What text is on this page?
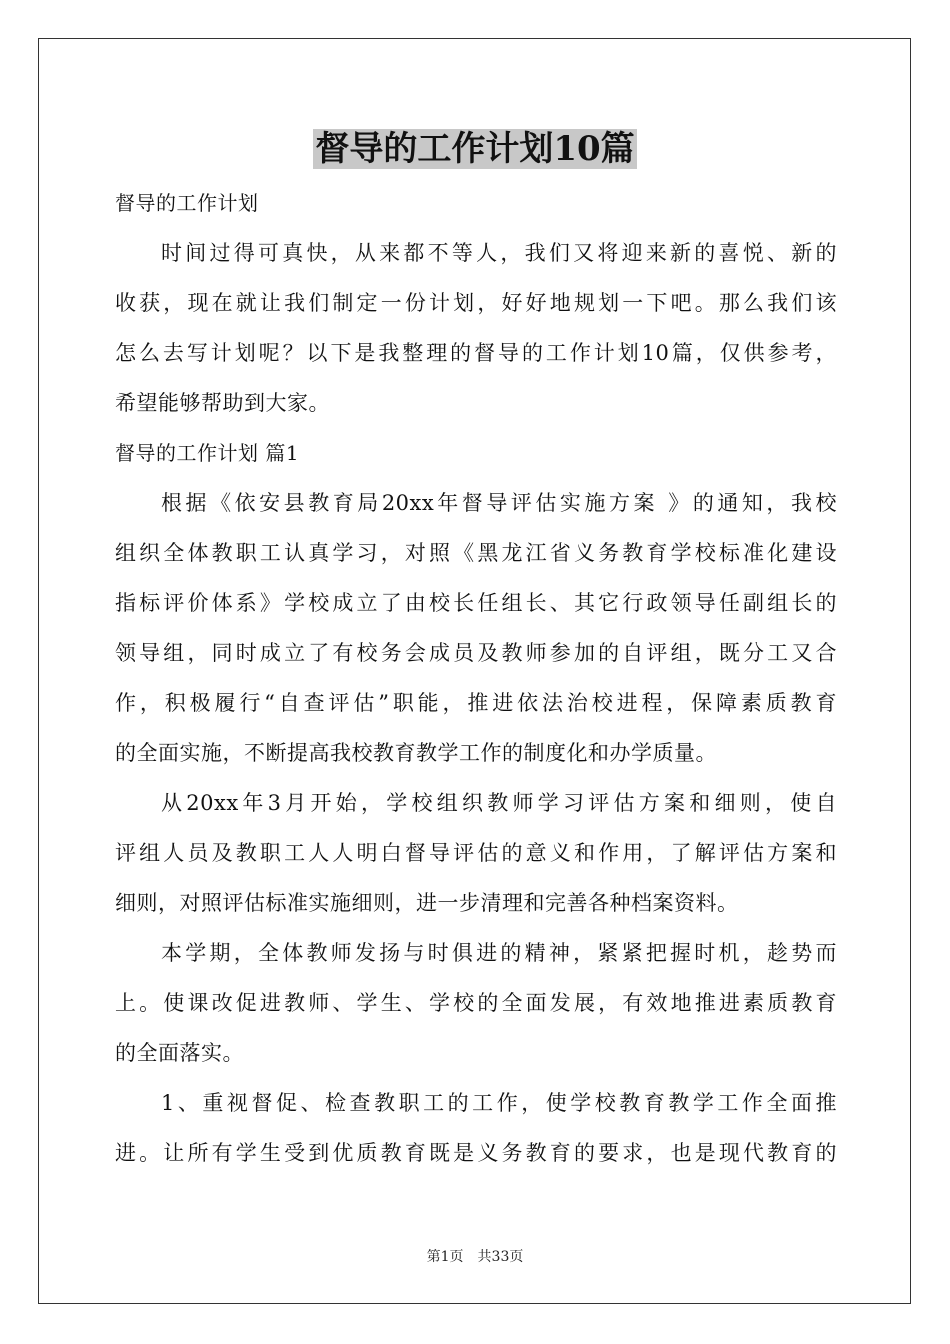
督导的工作计划10篇
督导的工作计划
时间过得可真快，从来都不等人，我们又将迎来新的喜悦、新的
收获，现在就让我们制定一份计划，好好地规划一下吧。那么我们该
怎么去写计划呢？以下是我整理的督导的工作计划10篇，仅供参考，
希望能够帮助到大家。
督导的工作计划 篇1
根据《依安县教育局20xx年督导评估实施方案 》的通知，我校
组织全体教职工认真学习，对照《黑龙江省义务教育学校标准化建设
指标评价体系》学校成立了由校长任组长、其它行政领导任副组长的
领导组，同时成立了有校务会成员及教师参加的自评组，既分工又合
作，积极履行“自查评估”职能，推进依法治校进程，保障素质教育
的全面实施，不断提高我校教育教学工作的制度化和办学质量。
从20xx年3月开始，学校组织教师学习评估方案和细则，使自
评组人员及教职工人人明白督导评估的意义和作用，了解评估方案和
细则，对照评估标准实施细则，进一步清理和完善各种档案资料。
本学期，全体教师发扬与时俱进的精神，紧紧把握时机，趁势而
上。使课改促进教师、学生、学校的全面发展，有效地推进素质教育
的全面落实。
1、重视督促、检查教职工的工作，使学校教育教学工作全面推
进。让所有学生受到优质教育既是义务教育的要求，也是现代教育的
第1页　共33页
